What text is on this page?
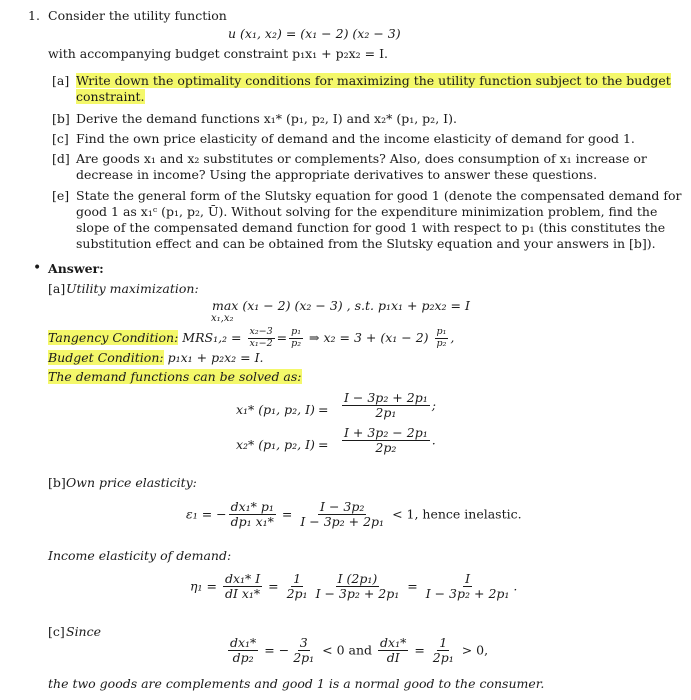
1. Consider the utility function
u (x₁, x₂) = (x₁ − 2) (x₂ − 3)
with accompanying budget constraint p₁x₁ + p₂x₂ = I.
[a] Write down the optimality conditions for maximizing the utility function subject to the budget
constraint.
[b] Derive the demand functions x₁* (p₁, p₂, I) and x₂* (p₁, p₂, I).
[c] Find the own price elasticity of demand and the income elasticity of demand for good 1.
[d] Are goods x₁ and x₂ substitutes or complements? Also, does consumption of x₁ increase or
decrease in income? Using the appropriate derivatives to answer these questions.
[e] State the general form of the Slutsky equation for good 1 (denote the compensated demand for
good 1 as x₁ᶜ (p₁, p₂, Ū). Without solving for the expenditure minimization problem, find the
slope of the compensated demand function for good 1 with respect to p₁ (this constitutes the
substitution effect and can be obtained from the Slutsky equation and your answers in [b]).
• Answer:
[a] Utility maximization:
max (x₁ − 2) (x₂ − 3) , s.t. p₁x₁ + p₂x₂ = I
x₁,x₂
Tangency Condition: $MRS_1,_2 = \frac{\text{x₂−3}}{\text{x₁−2}} = \frac{\text{p₁}}{\text{p₂}}$ ⇒ $x_2 = 3 + (x_1 - 2) \frac{\text{p₁}}{\text{p₂}}$ ,
Budget Condition: p₁x₁ + p₂x₂ = I.
The demand functions can be solved as:
x₁* (p₁, p₂, $I) = \frac{\text{I − 3p₂ + 2p₁}}{\text{2p₁}}$ ;
x₂* (p₁, p₂, $I) = \frac{\text{I + 3p₂ − 2p₁}}{\text{2p₂}}$ .
[b] Own price elasticity:
ε₁ = − $\frac{\text{dx₁* p₁}}{\text{dp₁ x₁*}} = \frac{\text{I − 3p₂}}{\text{I − 3p₂ + 2p₁}} < 1$, hence inelastic.
Income elasticity of demand:
$\eta_1 = \frac{\text{dx₁* I}}{\text{dI x₁*}} = \frac{1}{\text{2p₁}} \frac{\text{I (2p₁)}}{\text{I − 3p₂ + 2p₁}} = \frac{I}{\text{I − 3p₂ + 2p₁}}$ .
[c] Since
$\frac{\text{dx₁*}}{\text{dp₂}}$ = − $\frac{3}{\text{2p₁}} < 0$ and $\frac{\text{dx₁*}}{dI} = \frac{1}{\text{2p₁}} > 0$,
the two goods are complements and good 1 is a normal good to the consumer.
